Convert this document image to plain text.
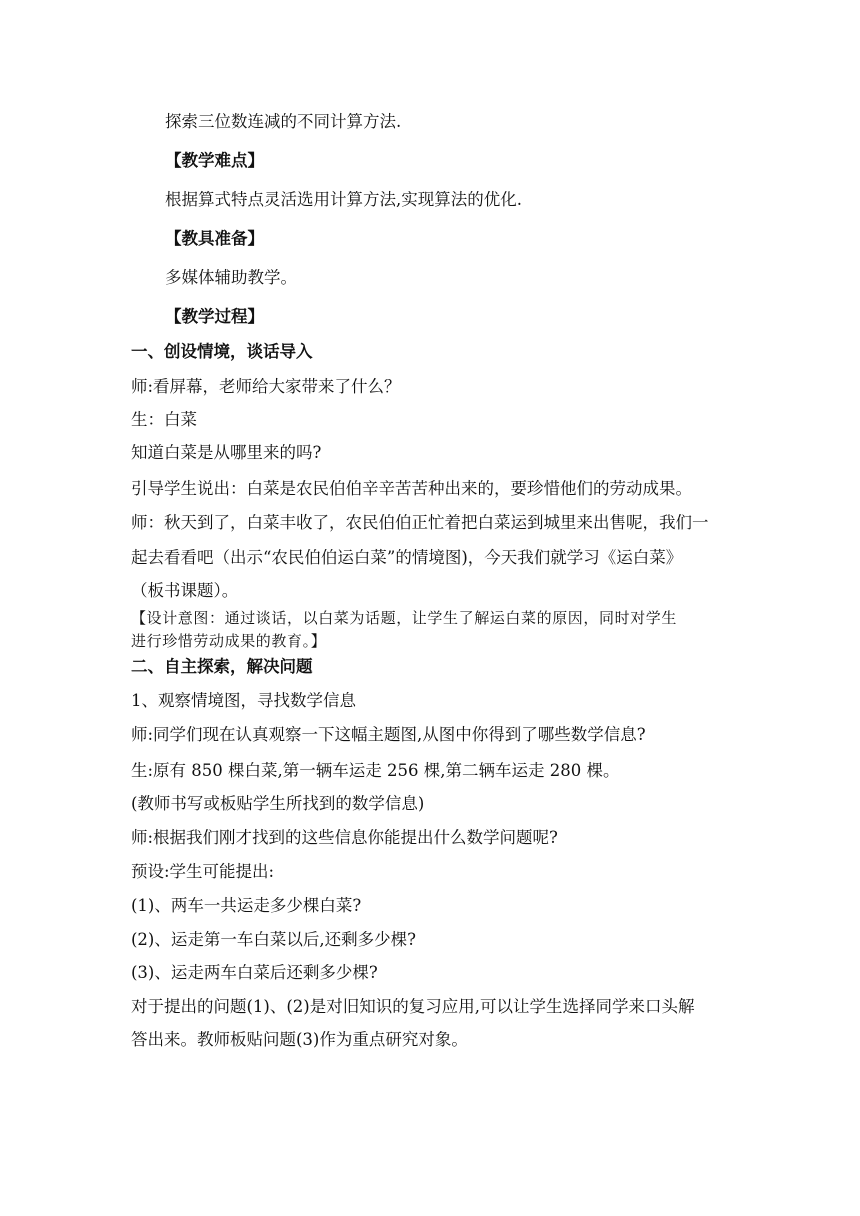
探索三位数连减的不同计算方法.
【教学难点】
根据算式特点灵活选用计算方法,实现算法的优化.
【教具准备】
多媒体辅助教学。
【教学过程】
一、创设情境，谈话导入
师:看屏幕，老师给大家带来了什么？
生：白菜
知道白菜是从哪里来的吗?
引导学生说出：白菜是农民伯伯辛辛苦苦种出来的，要珍惜他们的劳动成果。
师：秋天到了，白菜丰收了，农民伯伯正忙着把白菜运到城里来出售呢，我们一
起去看看吧（出示“农民伯伯运白菜”的情境图)，今天我们就学习《运白菜》
（板书课题）。
【设计意图：通过谈话，以白菜为话题，让学生了解运白菜的原因，同时对学生
进行珍惜劳动成果的教育。】
二、自主探索，解决问题
1、观察情境图，寻找数学信息
师:同学们现在认真观察一下这幅主题图,从图中你得到了哪些数学信息?
生:原有 850 棵白菜,第一辆车运走 256 棵,第二辆车运走 280 棵。
(教师书写或板贴学生所找到的数学信息)
师:根据我们刚才找到的这些信息你能提出什么数学问题呢?
预设:学生可能提出:
(1)、两车一共运走多少棵白菜?
(2)、运走第一车白菜以后,还剩多少棵?
(3)、运走两车白菜后还剩多少棵?
对于提出的问题(1)、(2)是对旧知识的复习应用,可以让学生选择同学来口头解
答出来。教师板贴问题(3)作为重点研究对象。
